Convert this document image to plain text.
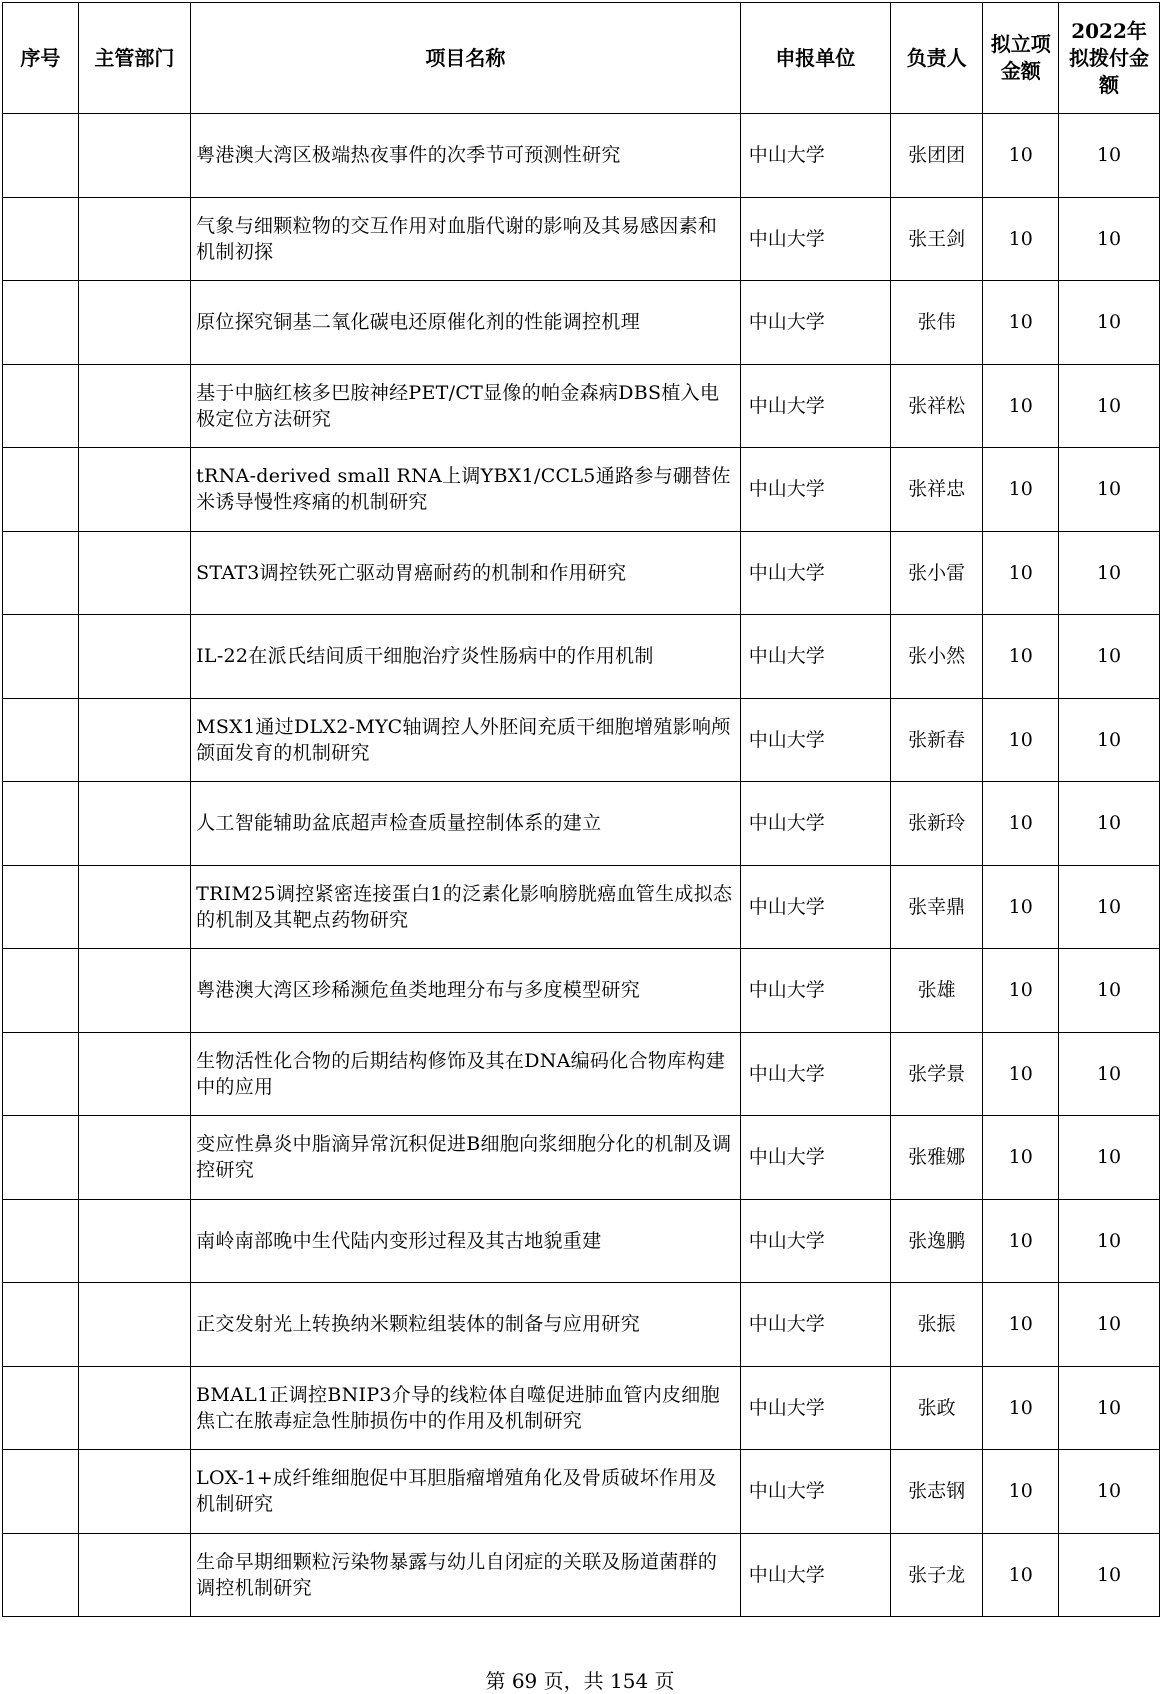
序号	主管部门	项目名称	申报单位	负责人	拟立项金额	2022年拟拨付金额
		粤港澳大湾区极端热夜事件的次季节可预测性研究	中山大学	张团团	10	10
		气象与细颗粒物的交互作用对血脂代谢的影响及其易感因素和机制初探	中山大学	张王剑	10	10
		原位探究铜基二氧化碳电还原催化剂的性能调控机理	中山大学	张伟	10	10
		基于中脑红核多巴胺神经PET/CT显像的帕金森病DBS植入电极定位方法研究	中山大学	张祥松	10	10
		tRNA-derived small RNA上调YBX1/CCL5通路参与硼替佐米诱导慢性疼痛的机制研究	中山大学	张祥忠	10	10
		STAT3调控铁死亡驱动胃癌耐药的机制和作用研究	中山大学	张小雷	10	10
		IL-22在派氏结间质干细胞治疗炎性肠病中的作用机制	中山大学	张小然	10	10
		MSX1通过DLX2-MYC轴调控人外胚间充质干细胞增殖影响颅颌面发育的机制研究	中山大学	张新春	10	10
		人工智能辅助盆底超声检查质量控制体系的建立	中山大学	张新玲	10	10
		TRIM25调控紧密连接蛋白1的泛素化影响膀胱癌血管生成拟态的机制及其靶点药物研究	中山大学	张幸鼎	10	10
		粤港澳大湾区珍稀濒危鱼类地理分布与多度模型研究	中山大学	张雄	10	10
		生物活性化合物的后期结构修饰及其在DNA编码化合物库构建中的应用	中山大学	张学景	10	10
		变应性鼻炎中脂滴异常沉积促进B细胞向浆细胞分化的机制及调控研究	中山大学	张雅娜	10	10
		南岭南部晚中生代陆内变形过程及其古地貌重建	中山大学	张逸鹏	10	10
		正交发射光上转换纳米颗粒组装体的制备与应用研究	中山大学	张振	10	10
		BMAL1正调控BNIP3介导的线粒体自噬促进肺血管内皮细胞焦亡在脓毒症急性肺损伤中的作用及机制研究	中山大学	张政	10	10
		LOX-1+成纤维细胞促中耳胆脂瘤增殖角化及骨质破坏作用及机制研究	中山大学	张志钢	10	10
		生命早期细颗粒污染物暴露与幼儿自闭症的关联及肠道菌群的调控机制研究	中山大学	张子龙	10	10
第 69 页，共 154 页
